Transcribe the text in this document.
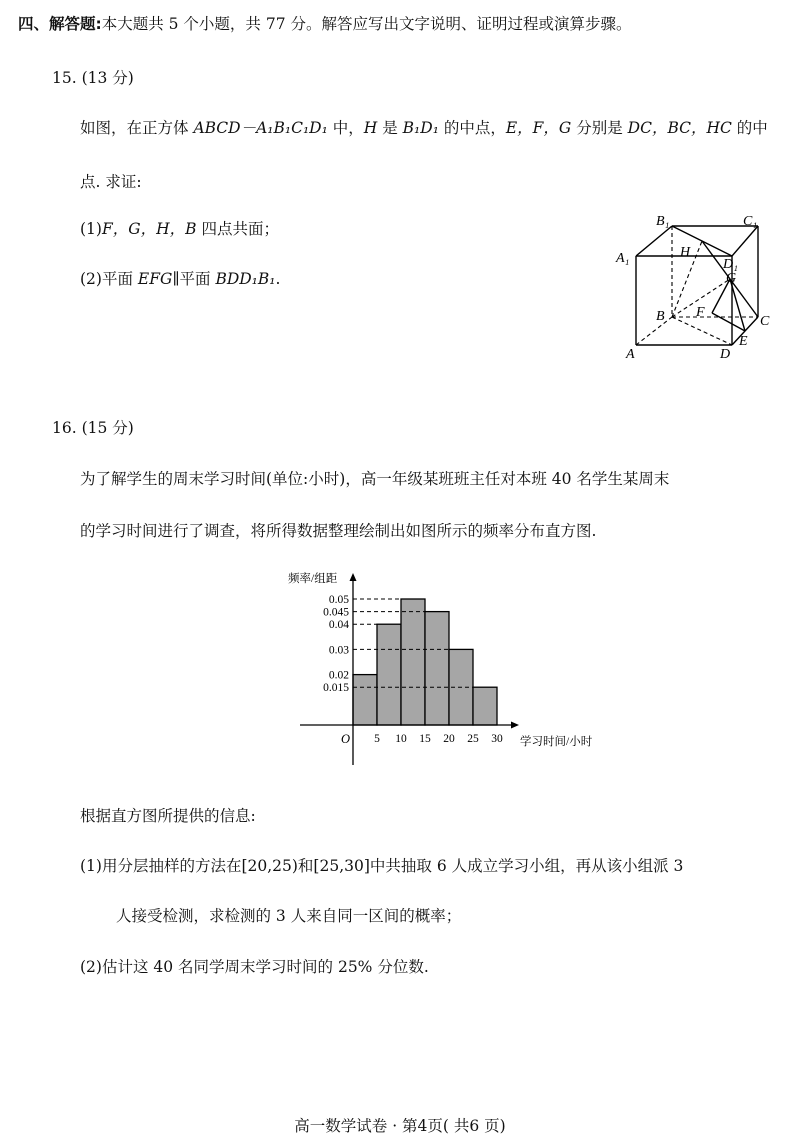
四、解答题:本大题共 5 个小题，共 77 分。解答应写出文字说明、证明过程或演算步骤。
15. (13 分)
如图，在正方体 ABCD－A₁B₁C₁D₁ 中，H 是 B₁D₁ 的中点，E，F，G 分别是 DC，BC，HC 的中
点. 求证:
(1)F，G，H，B 四点共面；
(2)平面 EFG∥平面 BDD₁B₁.
B₁	C₁
A₁	D₁
H
G
F
B	C
A	D
E
16. (15 分)
为了解学生的周末学习时间(单位:小时)，高一年级某班班主任对本班 40 名学生某周末
的学习时间进行了调查，将所得数据整理绘制出如图所示的频率分布直方图.
0.05
0.045
0.04
0.03
0.02
0.015
5 10 15 20 25 30
频率/组距
学习时间/小时
O
根据直方图所提供的信息:
(1)用分层抽样的方法在[20,25)和[25,30]中共抽取 6 人成立学习小组，再从该小组派 3
人接受检测，求检测的 3 人来自同一区间的概率；
(2)估计这 40 名同学周末学习时间的 25% 分位数.
高一数学试卷 · 第4页( 共6 页)
